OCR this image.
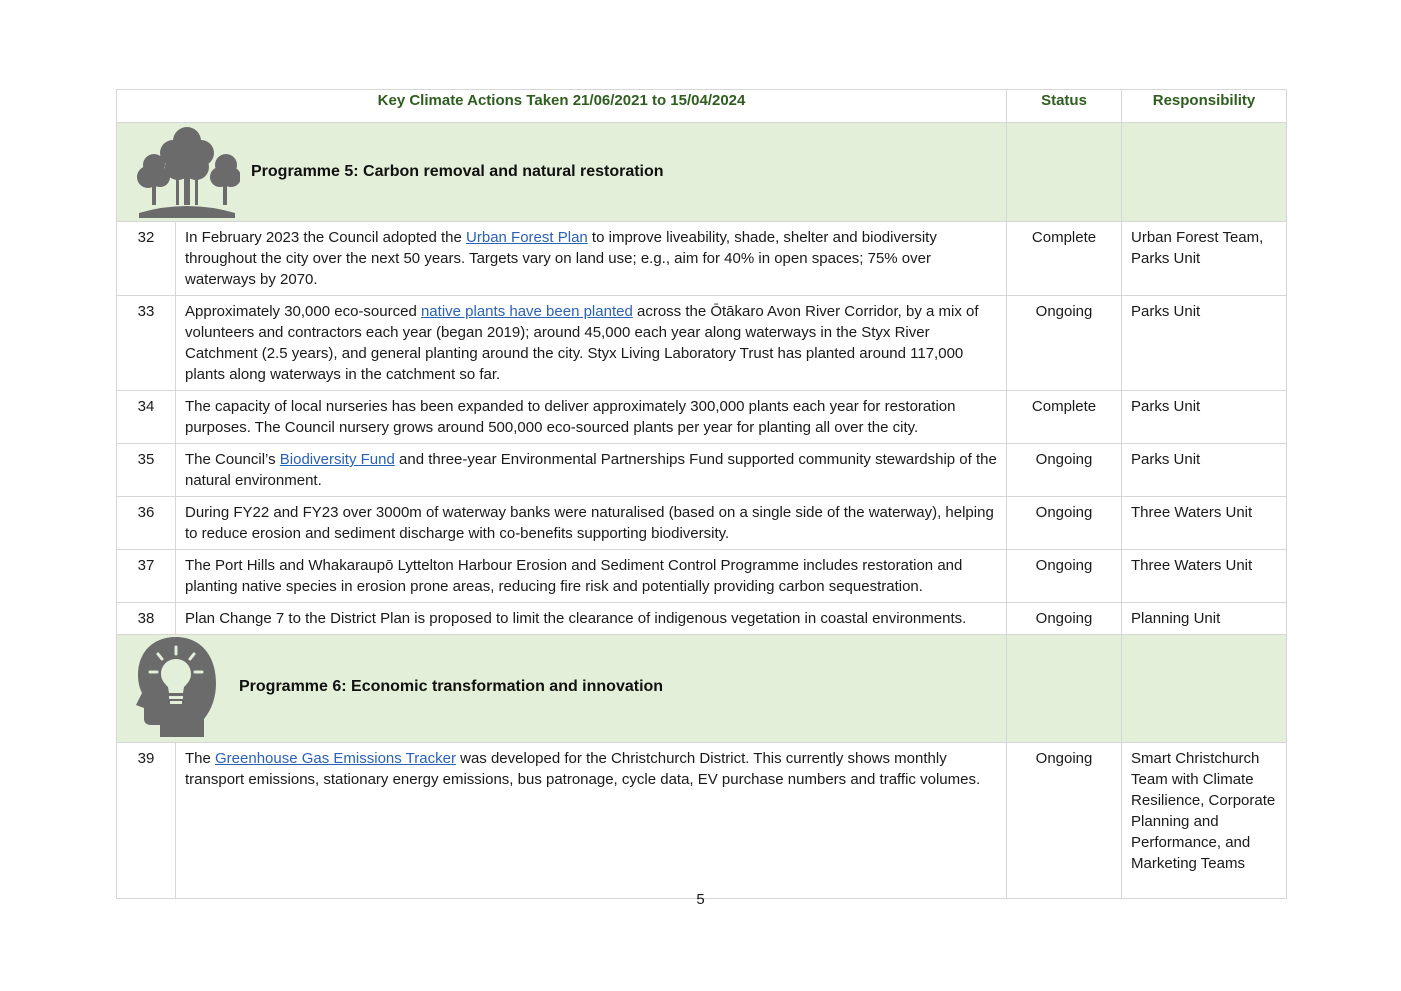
Key Climate Actions Taken 21/06/2021 to 15/04/2024		Status	Responsibility

Programme 5: Carbon removal and natural restoration			

32	In February 2023 the Council adopted the Urban Forest Plan to improve liveability, shade, shelter and biodiversity throughout the city over the next 50 years. Targets vary on land use; e.g., aim for 40% in open spaces; 75% over waterways by 2070.	Complete	Urban Forest Team, Parks Unit
33	Approximately 30,000 eco-sourced native plants have been planted across the Ōtākaro Avon River Corridor, by a mix of volunteers and contractors each year (began 2019); around 45,000 each year along waterways in the Styx River Catchment (2.5 years), and general planting around the city. Styx Living Laboratory Trust has planted around 117,000 plants along waterways in the catchment so far.	Ongoing	Parks Unit
34	The capacity of local nurseries has been expanded to deliver approximately 300,000 plants each year for restoration purposes. The Council nursery grows around 500,000 eco-sourced plants per year for planting all over the city.	Complete	Parks Unit
35	The Council’s Biodiversity Fund and three-year Environmental Partnerships Fund supported community stewardship of the natural environment.	Ongoing	Parks Unit
36	During FY22 and FY23 over 3000m of waterway banks were naturalised (based on a single side of the waterway), helping to reduce erosion and sediment discharge with co-benefits supporting biodiversity.	Ongoing	Three Waters Unit
37	The Port Hills and Whakaraupō Lyttelton Harbour Erosion and Sediment Control Programme includes restoration and planting native species in erosion prone areas, reducing fire risk and potentially providing carbon sequestration.	Ongoing	Three Waters Unit
38	Plan Change 7 to the District Plan is proposed to limit the clearance of indigenous vegetation in coastal environments.	Ongoing	Planning Unit

Programme 6: Economic transformation and innovation			

39	The Greenhouse Gas Emissions Tracker was developed for the Christchurch District. This currently shows monthly transport emissions, stationary energy emissions, bus patronage, cycle data, EV purchase numbers and traffic volumes.	Ongoing	Smart Christchurch Team with Climate Resilience, Corporate Planning and Performance, and Marketing Teams
5
